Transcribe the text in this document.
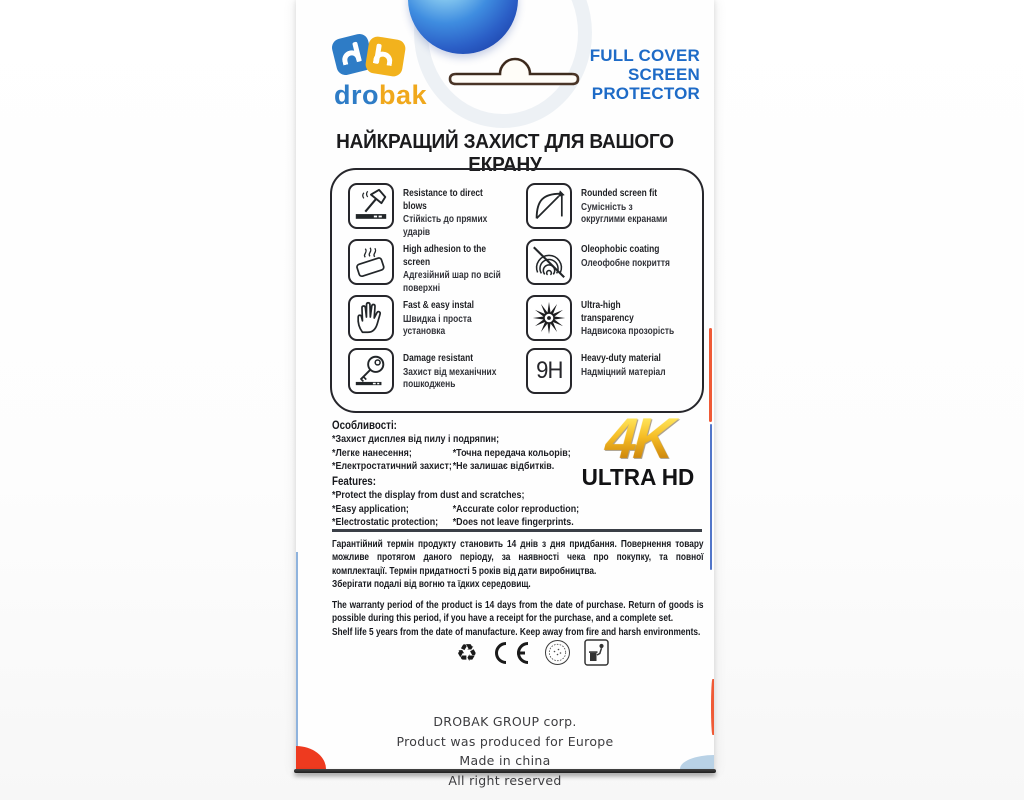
drobak
FULL COVER
SCREEN
PROTECTOR
НАЙКРАЩИЙ ЗАХИСТ ДЛЯ ВАШОГО ЕКРАНУ
Resistance to direct blows
Стійкість до прямих ударів
Rounded screen fit
Сумісність з округлими екранами
High adhesion to the screen
Адгезійний шар по всій поверхні
Oleophobic coating
Олеофобне покриття
Fast & easy instal
Швидка і проста установка
Ultra-high transparency
Надвисока прозорість
Damage resistant
Захист від механічних пошкоджень
9H Heavy-duty material
Надміцний матеріал
Особливості:
*Захист дисплея від пилу і подряпин;
*Легке нанесення;	*Точна передача кольорів;
*Електростатичний захист;*Не залишає відбитків. 4K
ULTRA HD
Features:
*Protect the display from dust and scratches;
*Easy application;	*Accurate color reproduction;
*Electrostatic protection; *Does not leave fingerprints.

Гарантійний термін продукту становить 14 днів з дня придбання. Повернення товару можливе протягом даного періоду, за наявності чека про покупку, та повної комплектації. Термін придатності 5 років від дати виробництва.

Зберігати подалі від вогню та їдких середовищ.

The warranty period of the product is 14 days from the date of purchase. Return of goods is possible during this period, if you have a receipt for the purchase, and a complete set.

Shelf life 5 years from the date of manufacture. Keep away from fire and harsh environments.

♻
DROBAK GROUP corp.
Product was produced for Europe
Made in china
All right reserved
